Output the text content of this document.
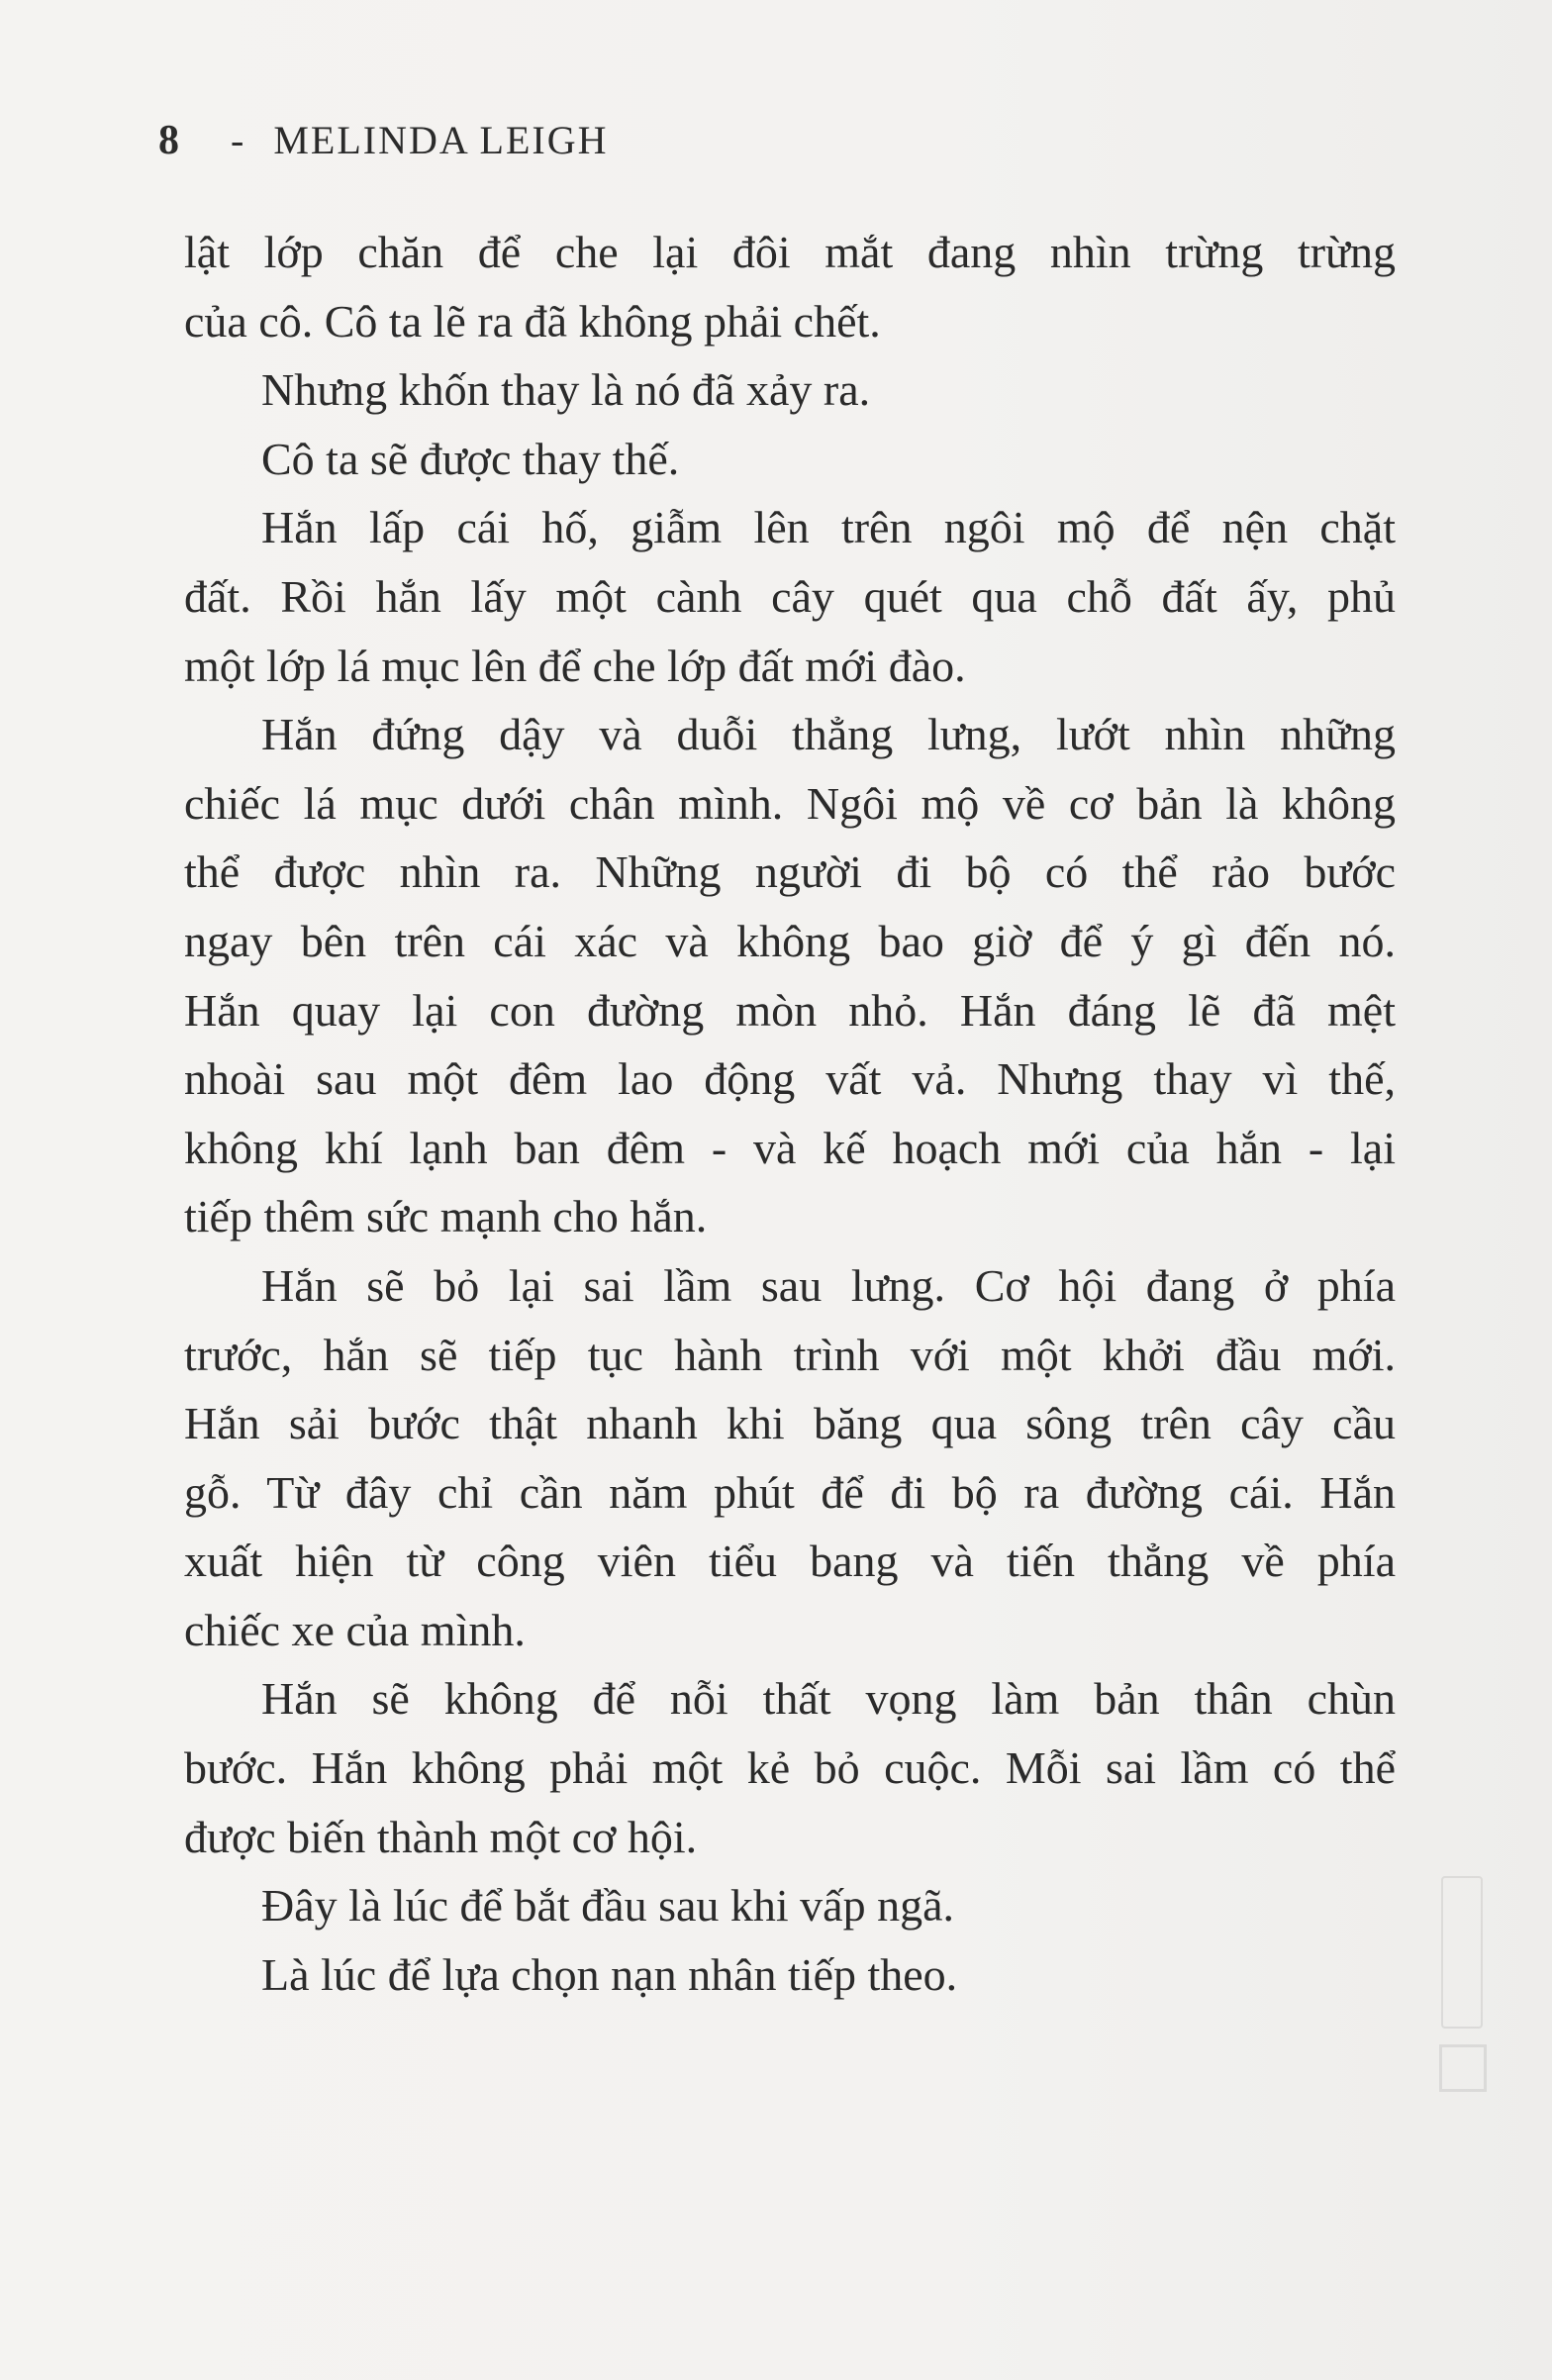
8 - MELINDA LEIGH
lật lớp chăn để che lại đôi mắt đang nhìn trừng trừng
của cô. Cô ta lẽ ra đã không phải chết.
Nhưng khốn thay là nó đã xảy ra.
Cô ta sẽ được thay thế.
Hắn lấp cái hố, giẫm lên trên ngôi mộ để nện chặt
đất. Rồi hắn lấy một cành cây quét qua chỗ đất ấy, phủ
một lớp lá mục lên để che lớp đất mới đào.
Hắn đứng dậy và duỗi thẳng lưng, lướt nhìn những
chiếc lá mục dưới chân mình. Ngôi mộ về cơ bản là không
thể được nhìn ra. Những người đi bộ có thể rảo bước
ngay bên trên cái xác và không bao giờ để ý gì đến nó.
Hắn quay lại con đường mòn nhỏ. Hắn đáng lẽ đã mệt
nhoài sau một đêm lao động vất vả. Nhưng thay vì thế,
không khí lạnh ban đêm - và kế hoạch mới của hắn - lại
tiếp thêm sức mạnh cho hắn.
Hắn sẽ bỏ lại sai lầm sau lưng. Cơ hội đang ở phía
trước, hắn sẽ tiếp tục hành trình với một khởi đầu mới.
Hắn sải bước thật nhanh khi băng qua sông trên cây cầu
gỗ. Từ đây chỉ cần năm phút để đi bộ ra đường cái. Hắn
xuất hiện từ công viên tiểu bang và tiến thẳng về phía
chiếc xe của mình.
Hắn sẽ không để nỗi thất vọng làm bản thân chùn
bước. Hắn không phải một kẻ bỏ cuộc. Mỗi sai lầm có thể
được biến thành một cơ hội.
Đây là lúc để bắt đầu sau khi vấp ngã.
Là lúc để lựa chọn nạn nhân tiếp theo.
